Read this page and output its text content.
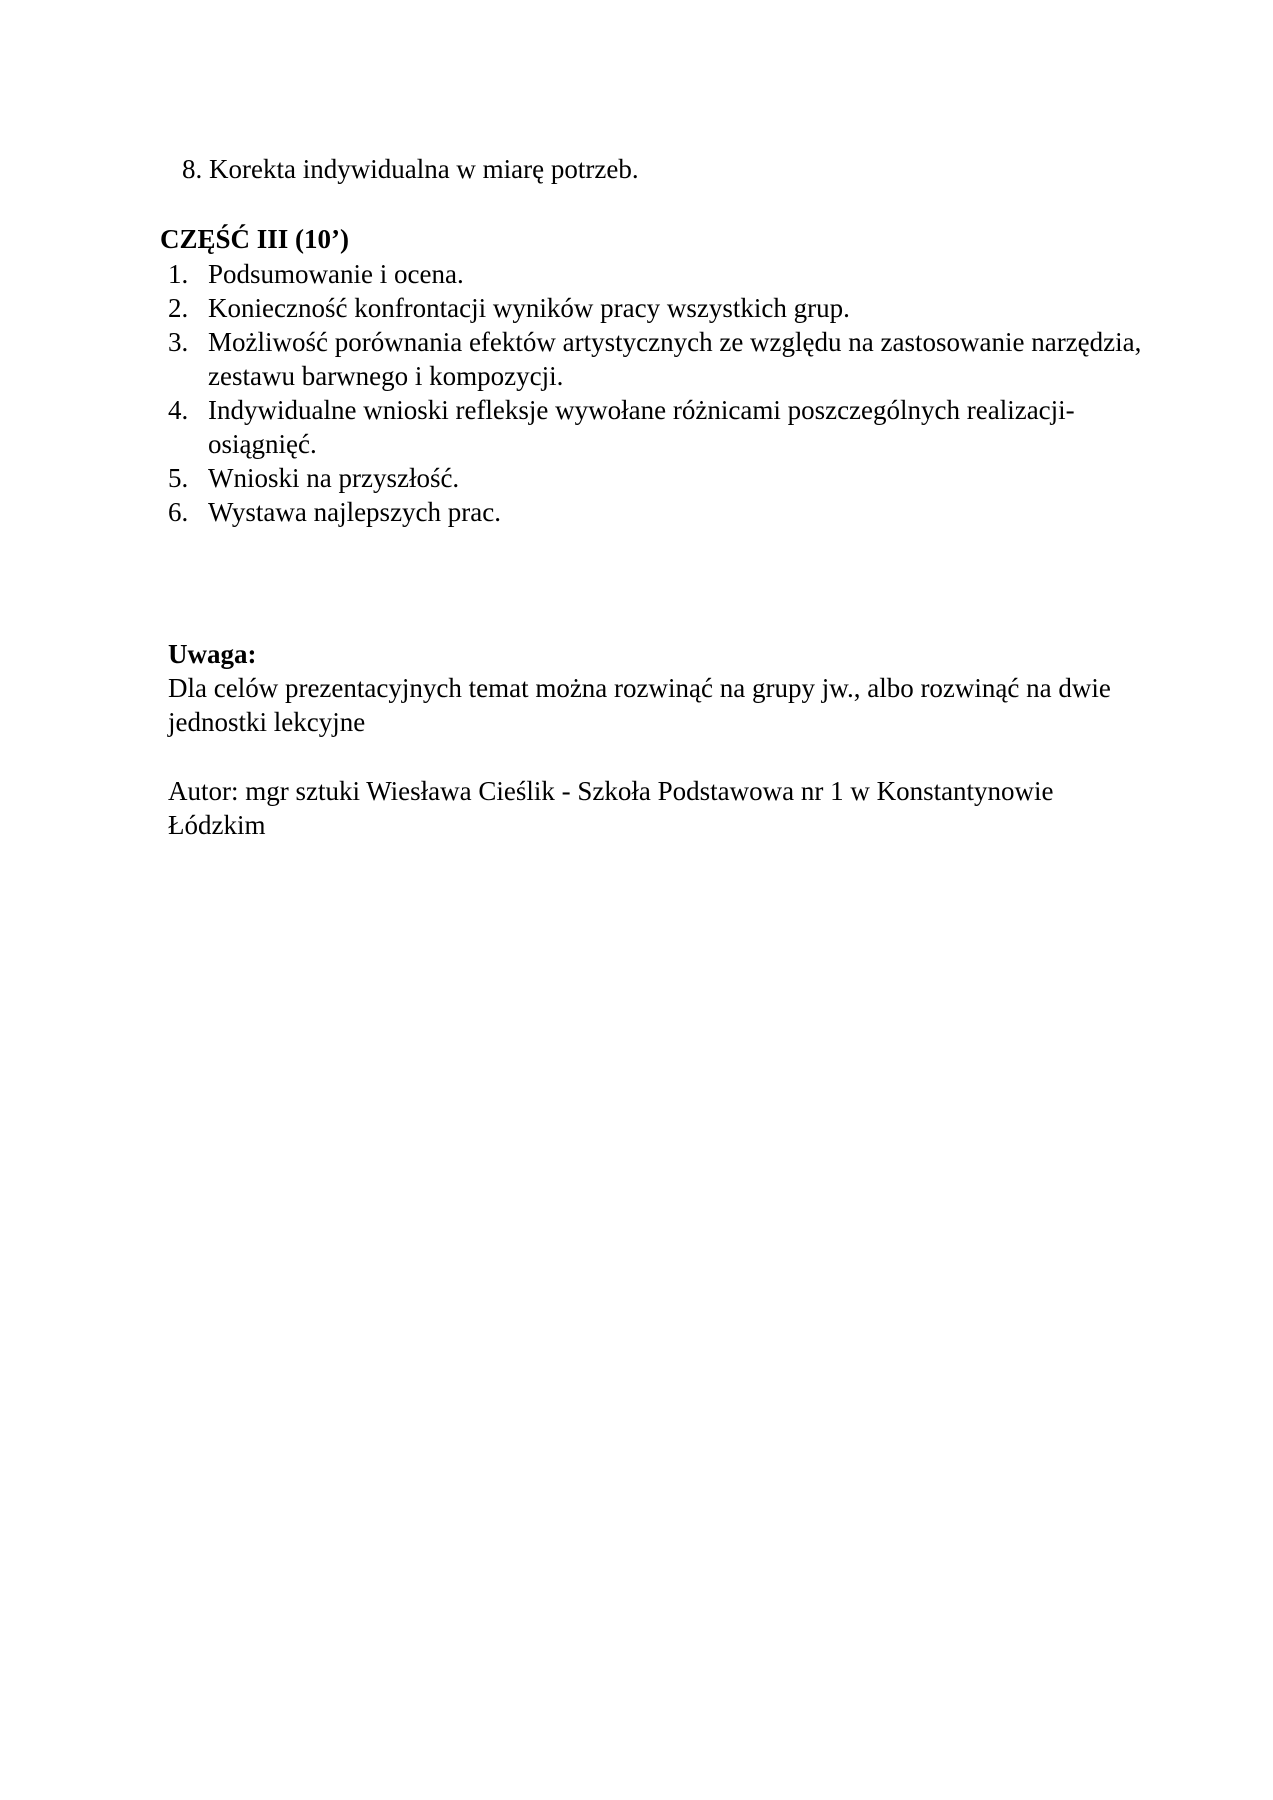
8. Korekta indywidualna w miarę potrzeb.
CZĘŚĆ III (10’)
1. Podsumowanie i ocena.
2. Konieczność konfrontacji wyników pracy wszystkich grup.
3. Możliwość porównania efektów artystycznych ze względu na zastosowanie narzędzia, zestawu barwnego i kompozycji.
4. Indywidualne wnioski refleksje wywołane różnicami poszczególnych realizacji- osiągnięć.
5. Wnioski na przyszłość.
6. Wystawa najlepszych prac.

Uwaga:

Dla celów prezentacyjnych temat można rozwinąć na grupy jw., albo rozwinąć na dwie jednostki lekcyjne

Autor: mgr sztuki Wiesława Cieślik - Szkoła Podstawowa nr 1 w Konstantynowie Łódzkim
